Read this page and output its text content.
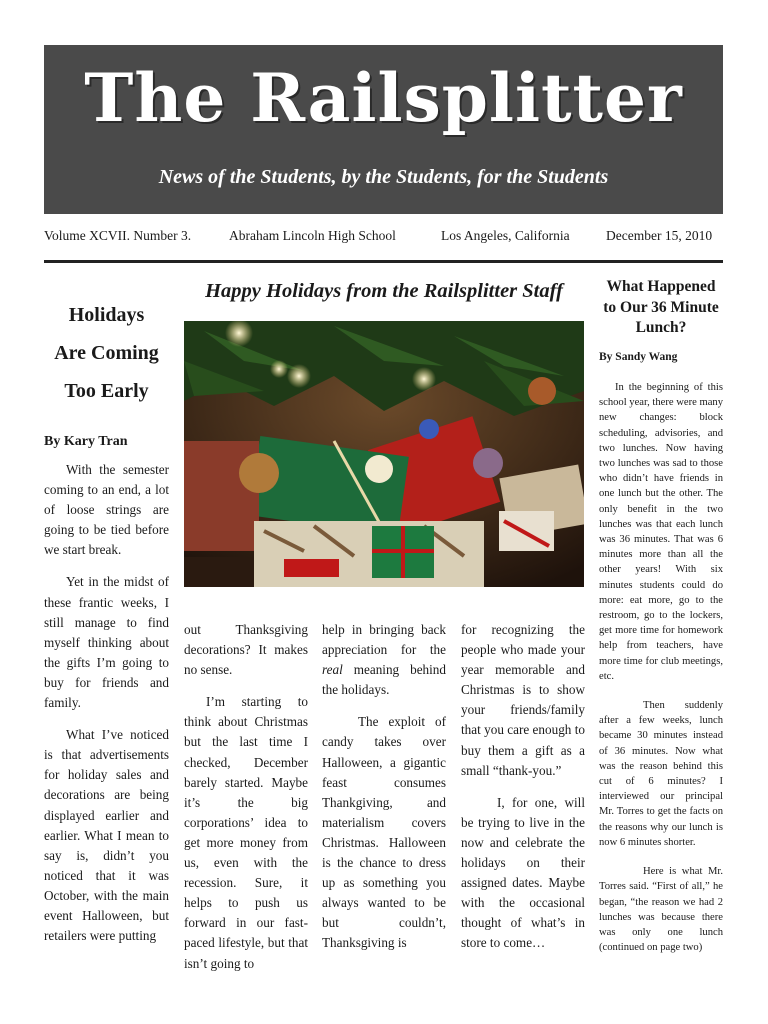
The Railsplitter
News of the Students, by the Students, for the Students
Volume XCVII. Number 3.	Abraham Lincoln High School	Los Angeles, California	December 15, 2010
Holidays
Are Coming
Too Early
By Kary Tran

With the semester coming to an end, a lot of loose strings are going to be tied before we start break.

Yet in the midst of these frantic weeks, I still manage to find myself thinking about the gifts I’m going to buy for friends and family.

What I’ve noticed is that advertisements for holiday sales and decorations are being displayed earlier and earlier. What I mean to say is, didn’t you noticed that it was October, with the main event Halloween, but retailers were putting

Happy Holidays from the Railsplitter Staff

out Thanksgiving decorations? It makes no sense.

I’m starting to think about Christmas but the last time I checked, December barely started. Maybe it’s the big corporations’ idea to get more money from us, even with the recession. Sure, it helps to push us forward in our fast-paced lifestyle, but that isn’t going to

help in bringing back appreciation for the real meaning behind the holidays.

The exploit of candy takes over Halloween, a gigantic feast consumes Thankgiving, and materialism covers Christmas. Halloween is the chance to dress up as something you always wanted to be but couldn’t, Thanksgiving is

for recognizing the people who made your year memorable and Christmas is to show your friends/family that you care enough to buy them a gift as a small “thank-you.”

I, for one, will be trying to live in the now and celebrate the holidays on their assigned dates. Maybe with the occasional thought of what’s in store to come…

What Happened to Our 36 Minute Lunch?
By Sandy Wang

In the beginning of this school year, there were many new changes: block scheduling, advisories, and two lunches. Now having two lunches was sad to those who didn’t have friends in one lunch but the other. The only benefit in the two lunches was that each lunch was 36 minutes. That was 6 minutes more than all the other years! With six minutes students could do more: eat more, go to the restroom, go to the lockers, get more time for homework help from teachers, have more time for club meetings, etc.

Then suddenly after a few weeks, lunch became 30 minutes instead of 36 minutes. Now what was the reason behind this cut of 6 minutes? I interviewed our principal Mr. Torres to get the facts on the reasons why our lunch is now 6 minutes shorter.

Here is what Mr. Torres said. “First of all,” he began, “the reason we had 2 lunches was because there was only one lunch (continued on page two)
